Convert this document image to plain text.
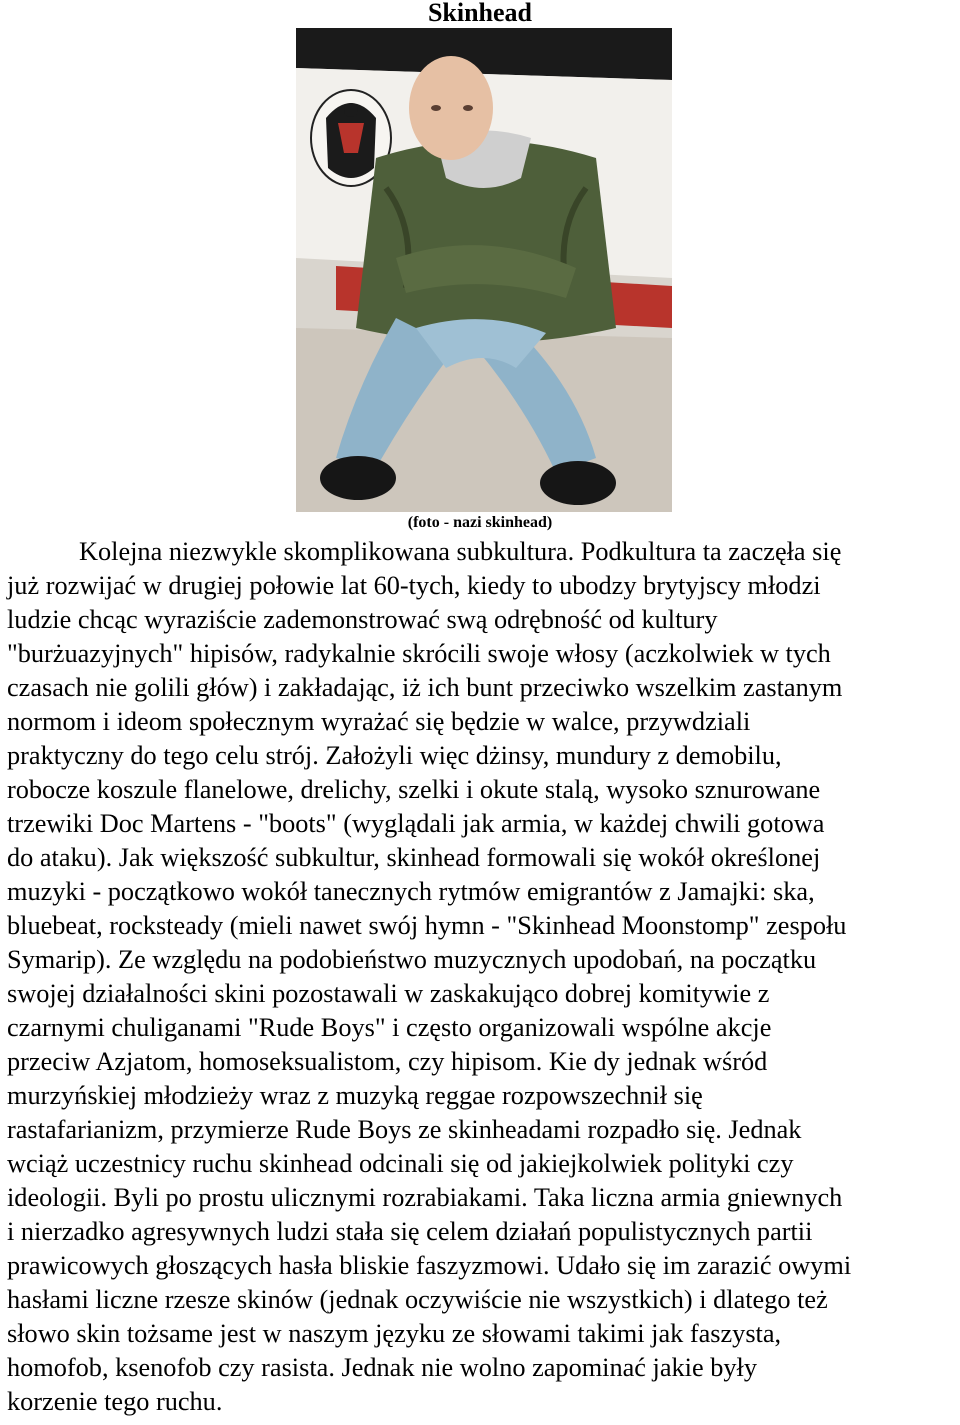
Skinhead
(foto - nazi skinhead)
Kolejna niezwykle skomplikowana subkultura. Podkultura ta zaczęła się
już rozwijać w drugiej połowie lat 60-tych, kiedy to ubodzy brytyjscy młodzi
ludzie chcąc wyraziście zademonstrować swą odrębność od kultury
"burżuazyjnych" hipisów, radykalnie skrócili swoje włosy (aczkolwiek w tych
czasach nie golili głów) i zakładając, iż ich bunt przeciwko wszelkim zastanym
normom i ideom społecznym wyrażać się będzie w walce, przywdziali
praktyczny do tego celu strój. Założyli więc dżinsy, mundury z demobilu,
robocze koszule flanelowe, drelichy, szelki i okute stalą, wysoko sznurowane
trzewiki Doc Martens - "boots" (wyglądali jak armia, w każdej chwili gotowa
do ataku). Jak większość subkultur, skinhead formowali się wokół określonej
muzyki - początkowo wokół tanecznych rytmów emigrantów z Jamajki: ska,
bluebeat, rocksteady (mieli nawet swój hymn - "Skinhead Moonstomp" zespołu
Symarip). Ze względu na podobieństwo muzycznych upodobań, na początku
swojej działalności skini pozostawali w zaskakująco dobrej komitywie z
czarnymi chuliganami "Rude Boys" i często organizowali wspólne akcje
przeciw Azjatom, homoseksualistom, czy hipisom. Kie dy jednak wśród
murzyńskiej młodzieży wraz z muzyką reggae rozpowszechnił się
rastafarianizm, przymierze Rude Boys ze skinheadami rozpadło się. Jednak
wciąż uczestnicy ruchu skinhead odcinali się od jakiejkolwiek polityki czy
ideologii. Byli po prostu ulicznymi rozrabiakami. Taka liczna armia gniewnych
i nierzadko agresywnych ludzi stała się celem działań populistycznych partii
prawicowych głoszących hasła bliskie faszyzmowi. Udało się im zarazić owymi
hasłami liczne rzesze skinów (jednak oczywiście nie wszystkich) i dlatego też
słowo skin tożsame jest w naszym języku ze słowami takimi jak faszysta,
homofob, ksenofob czy rasista. Jednak nie wolno zapominać jakie były
korzenie tego ruchu.
